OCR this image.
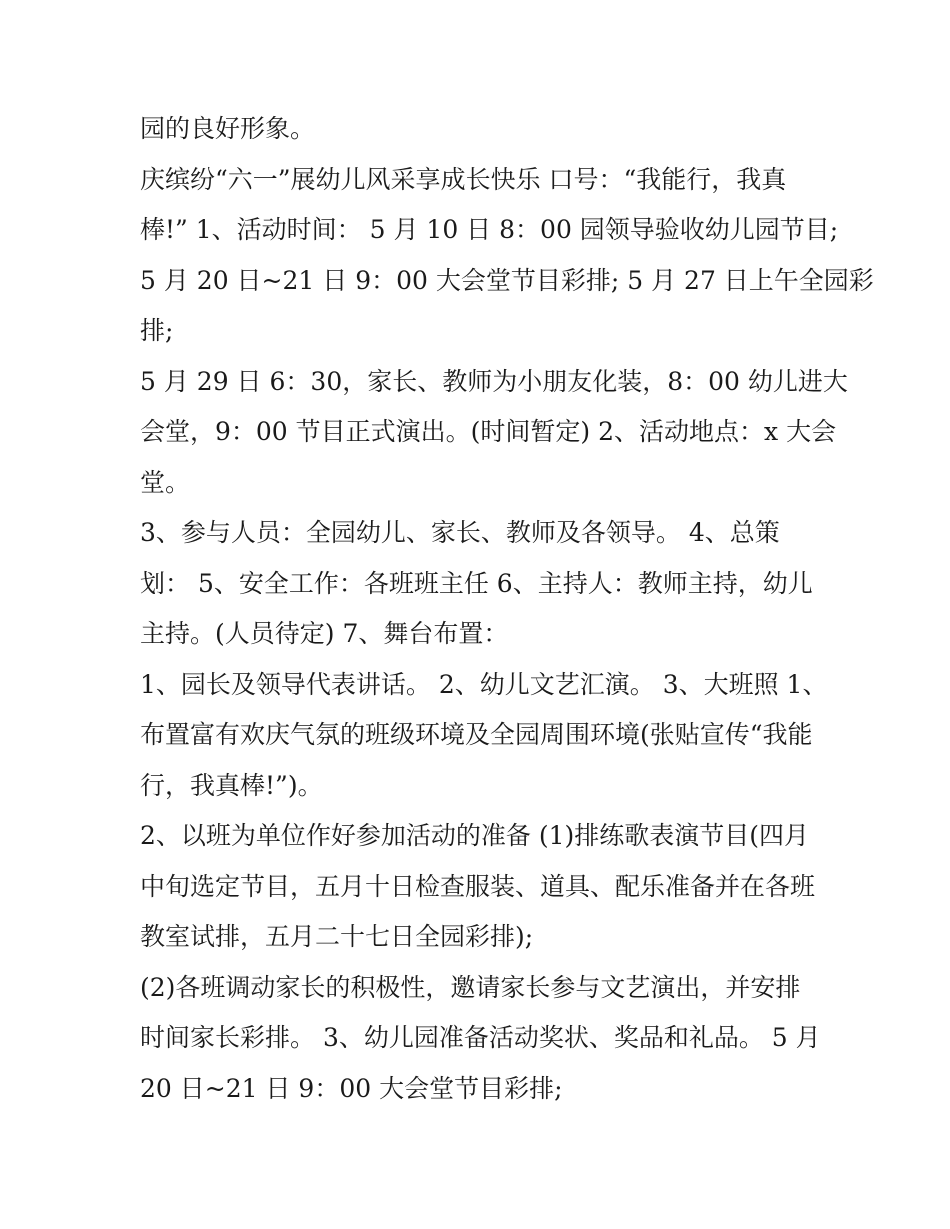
园的良好形象。
庆缤纷“六一”展幼儿风采享成长快乐 口号：“我能行，我真
棒!” 1、活动时间： 5 月 10 日 8：00 园领导验收幼儿园节目;
5 月 20 日~21 日 9：00 大会堂节目彩排; 5 月 27 日上午全园彩
排;
5 月 29 日 6：30，家长、教师为小朋友化装，8：00 幼儿进大
会堂，9：00 节目正式演出。(时间暂定) 2、活动地点：x 大会
堂。
3、参与人员：全园幼儿、家长、教师及各领导。 4、总策
划： 5、安全工作：各班班主任 6、主持人：教师主持，幼儿
主持。(人员待定) 7、舞台布置：
1、园长及领导代表讲话。 2、幼儿文艺汇演。 3、大班照 1、
布置富有欢庆气氛的班级环境及全园周围环境(张贴宣传“我能
行，我真棒!”)。
2、以班为单位作好参加活动的准备 (1)排练歌表演节目(四月
中旬选定节目，五月十日检查服装、道具、配乐准备并在各班
教室试排，五月二十七日全园彩排);
(2)各班调动家长的积极性，邀请家长参与文艺演出，并安排
时间家长彩排。 3、幼儿园准备活动奖状、奖品和礼品。 5 月
20 日~21 日 9：00 大会堂节目彩排;
